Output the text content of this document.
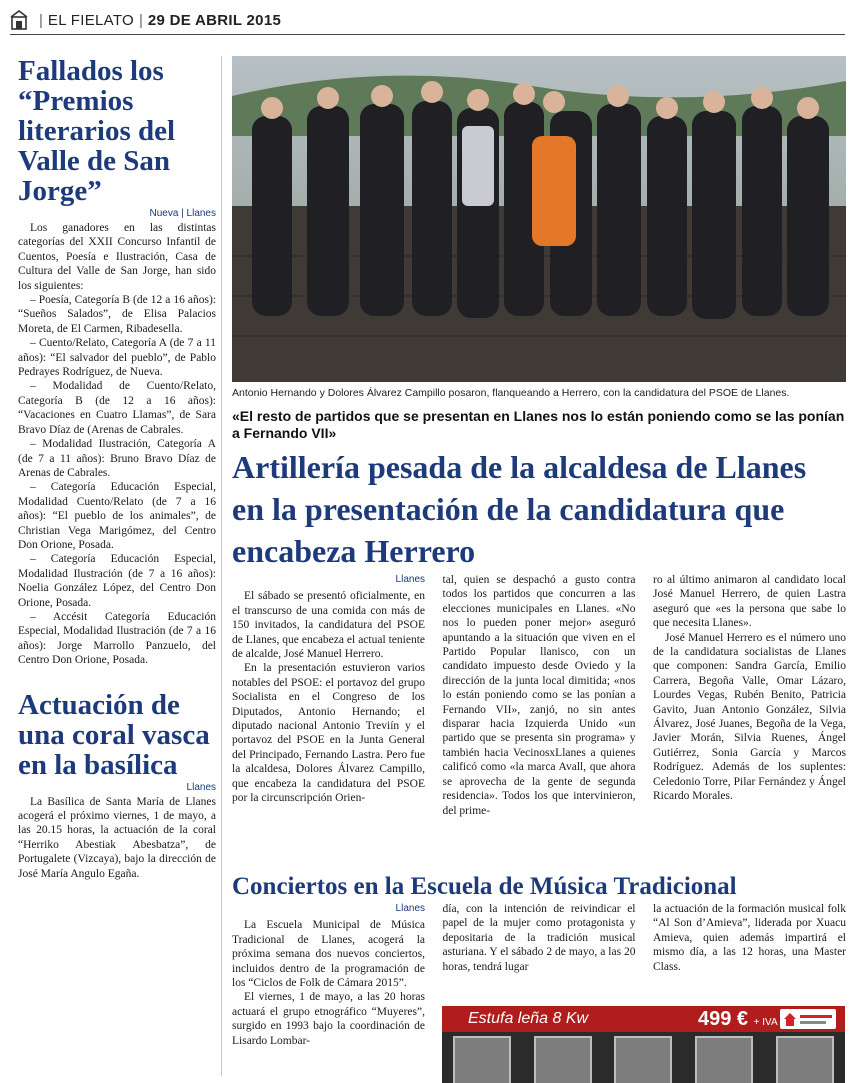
| EL FIELATO | 29 DE ABRIL 2015
Fallados los “Premios literarios del Valle de San Jorge”
Nueva | Llanes

Los ganadores en las distintas categorías del XXII Concurso Infantil de Cuentos, Poesía e Ilustración, Casa de Cultura del Valle de San Jorge, han sido los siguientes:

– Poesía, Categoría B (de 12 a 16 años): “Sueños Salados”, de Elisa Palacios Moreta, de El Carmen, Ribadesella.

– Cuento/Relato, Categoría A (de 7 a 11 años): “El salvador del pueblo”, de Pablo Pedrayes Rodríguez, de Nueva.

– Modalidad de Cuento/Relato, Categoría B (de 12 a 16 años): “Vacaciones en Cuatro Llamas”, de Sara Bravo Díaz de (Arenas de Cabrales.

– Modalidad Ilustración, Categoría A (de 7 a 11 años): Bruno Bravo Díaz de Arenas de Cabrales.

– Categoría Educación Especial, Modalidad Cuento/Relato (de 7 a 16 años): “El pueblo de los animales”, de Christian Vega Marigómez, del Centro Don Orione, Posada.

– Categoría Educación Especial, Modalidad Ilustración (de 7 a 16 años): Noelia González López, del Centro Don Orione, Posada.

– Accésit Categoría Educación Especial, Modalidad Ilustración (de 7 a 16 años): Jorge Marrollo Panzuelo, del Centro Don Orione, Posada.

Actuación de una coral vasca en la basílica
Llanes

La Basílica de Santa María de Llanes acogerá el próximo viernes, 1 de mayo, a las 20.15 horas, la actuación de la coral “Herriko Abestiak Abesbatza”, de Portugalete (Vizcaya), bajo la dirección de José María Angulo Egaña.

Antonio Hernando y Dolores Álvarez Campillo posaron, flanqueando a Herrero, con la candidatura del PSOE de Llanes.
«El resto de partidos que se presentan en Llanes nos lo están poniendo como se las ponían a Fernando VII»
Artillería pesada de la alcaldesa de Llanes en la presentación de la candidatura que encabeza Herrero
Llanes

El sábado se presentó oficialmente, en el transcurso de una comida con más de 150 invitados, la candidatura del PSOE de Llanes, que encabeza el actual teniente de alcalde, José Manuel Herrero.

En la presentación estuvieron varios notables del PSOE: el portavoz del grupo Socialista en el Congreso de los Diputados, Antonio Hernando; el diputado nacional Antonio Treviín y el portavoz del PSOE en la Junta General del Principado, Fernando Lastra. Pero fue la alcaldesa, Dolores Álvarez Campillo, que encabeza la candidatura del PSOE por la circunscripción Orien-

tal, quien se despachó a gusto contra todos los partidos que concurren a las elecciones municipales en Llanes. «No nos lo pueden poner mejor» aseguró apuntando a la situación que viven en el Partido Popular llanisco, con un candidato impuesto desde Oviedo y la dirección de la junta local dimitida; «nos lo están poniendo como se las ponían a Fernando VII», zanjó, no sin antes disparar hacia Izquierda Unido «un partido que se presenta sin programa» y también hacia VecinosxLlanes a quienes calificó como «la marca Avall, que ahora se aprovecha de la gente de segunda residencia». Todos los que intervinieron, del prime-

ro al último animaron al candidato local José Manuel Herrero, de quien Lastra aseguró que «es la persona que sabe lo que necesita Llanes».

José Manuel Herrero es el número uno de la candidatura socialistas de Llanes que componen: Sandra García, Emilio Carrera, Begoña Valle, Omar Lázaro, Lourdes Vegas, Rubén Benito, Patricia Gavito, Juan Antonio González, Silvia Álvarez, José Juanes, Begoña de la Vega, Javier Morán, Silvia Ruenes, Ángel Gutiérrez, Sonia García y Marcos Rodríguez. Además de los suplentes: Celedonio Torre, Pilar Fernández y Ángel Ricardo Morales.

Conciertos en la Escuela de Música Tradicional
Llanes

La Escuela Municipal de Música Tradicional de Llanes, acogerá la próxima semana dos nuevos conciertos, incluidos dentro de la programación de los “Ciclos de Folk de Cámara 2015”.

El viernes, 1 de mayo, a las 20 horas actuará el grupo etnográfico “Muyeres”, surgido en 1993 bajo la coordinación de Lisardo Lombar-

día, con la intención de reivindicar el papel de la mujer como protagonista y depositaria de la tradición musical asturiana. Y el sábado 2 de mayo, a las 20 horas, tendrá lugar

la actuación de la formación musical folk “Al Son d’Amieva”, liderada por Xuacu Amieva, quien además impartirá el mismo día, a las 12 horas, una Master Class.

Estufa leña 8 Kw	499 € + IVA
